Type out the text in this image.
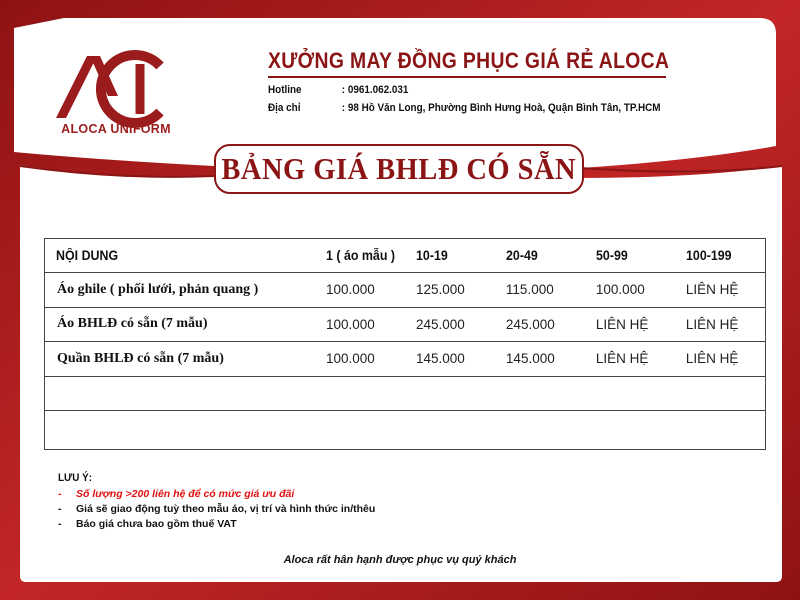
ALOCA UNIFORM
XƯỞNG MAY ĐỒNG PHỤC GIÁ RẺ ALOCA
Hotline	: 0961.062.031
Địa chỉ	: 98 Hồ Văn Long, Phường Bình Hưng Hoà, Quận Bình Tân, TP.HCM
BẢNG GIÁ BHLĐ CÓ SẴN
NỘI DUNG	1 ( áo mẫu )	10-19	20-49	50-99	100-199
Áo ghile ( phối lưới, phản quang )	100.000	125.000	115.000	100.000	LIÊN HỆ
Áo BHLĐ có sẵn (7 mẫu)	100.000	245.000	245.000	LIÊN HỆ	LIÊN HỆ
Quần BHLĐ có sẵn (7 mẫu)	100.000	145.000	145.000	LIÊN HỆ	LIÊN HỆ
LƯU Ý:
-	Số lượng >200 liên hệ để có mức giá ưu đãi
-	Giá sẽ giao động tuỳ theo mẫu áo, vị trí và hình thức in/thêu
-	Báo giá chưa bao gồm thuế VAT
Aloca rất hân hạnh được phục vụ quý khách
